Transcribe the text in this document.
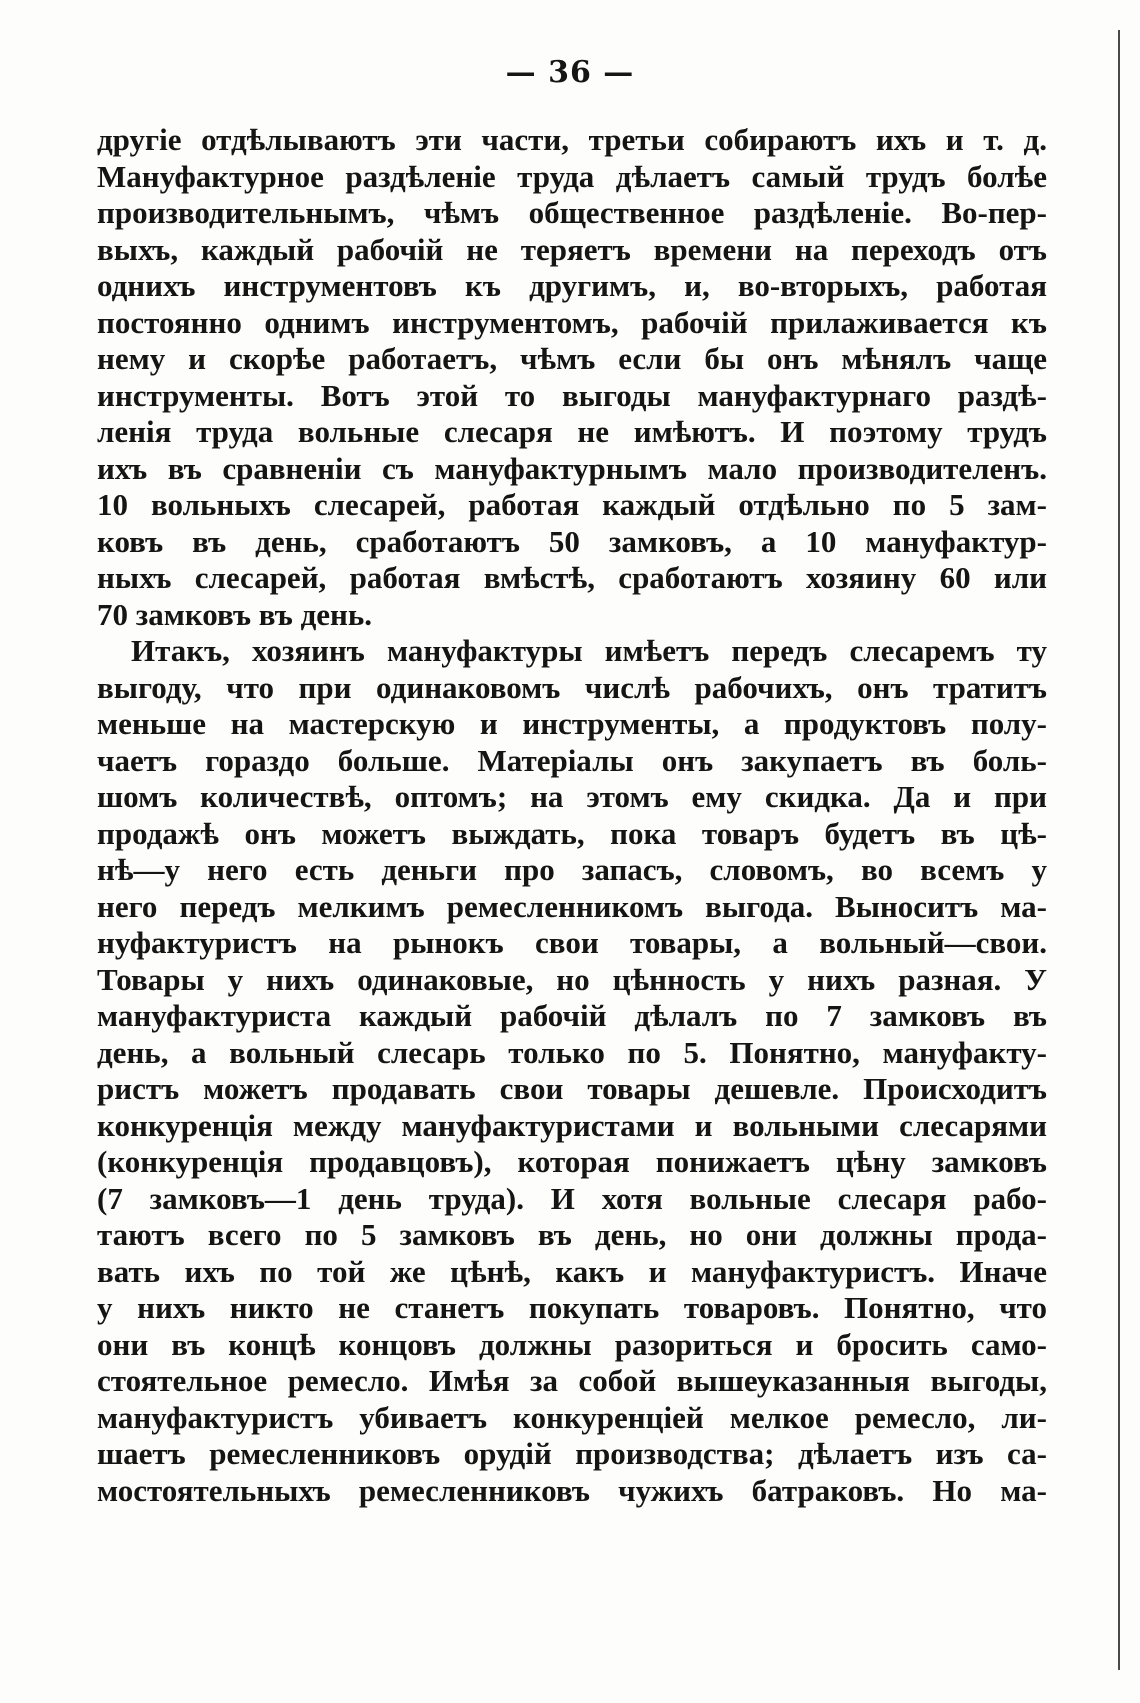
— 36 —
другіе отдѣлываютъ эти части, третьи собираютъ ихъ и т. д.
Мануфактурное раздѣленіе труда дѣлаетъ самый трудъ болѣе
производительнымъ, чѣмъ общественное раздѣленіе. Во-пер-
выхъ, каждый рабочій не теряетъ времени на переходъ отъ
однихъ инструментовъ къ другимъ, и, во-вторыхъ, работая
постоянно однимъ инструментомъ, рабочій прилаживается къ
нему и скорѣе работаетъ, чѣмъ если бы онъ мѣнялъ чаще
инструменты. Вотъ этой то выгоды мануфактурнаго раздѣ-
ленія труда вольные слесаря не имѣютъ. И поэтому трудъ
ихъ въ сравненіи съ мануфактурнымъ мало производителенъ.
10 вольныхъ слесарей, работая каждый отдѣльно по 5 зам-
ковъ въ день, сработаютъ 50 замковъ, а 10 мануфактур-
ныхъ слесарей, работая вмѣстѣ, сработаютъ хозяину 60 или
70 замковъ въ день.
Итакъ, хозяинъ мануфактуры имѣетъ передъ слесаремъ ту
выгоду, что при одинаковомъ числѣ рабочихъ, онъ тратитъ
меньше на мастерскую и инструменты, а продуктовъ полу-
чаетъ гораздо больше. Матеріалы онъ закупаетъ въ боль-
шомъ количествѣ, оптомъ; на этомъ ему скидка. Да и при
продажѣ онъ можетъ выждать, пока товаръ будетъ въ цѣ-
нѣ—у него есть деньги про запасъ, словомъ, во всемъ у
него передъ мелкимъ ремесленникомъ выгода. Выноситъ ма-
нуфактуристъ на рынокъ свои товары, а вольный—свои.
Товары у нихъ одинаковые, но цѣнность у нихъ разная. У
мануфактуриста каждый рабочій дѣлалъ по 7 замковъ въ
день, а вольный слесарь только по 5. Понятно, мануфакту-
ристъ можетъ продавать свои товары дешевле. Происходитъ
конкуренція между мануфактуристами и вольными слесарями
(конкуренція продавцовъ), которая понижаетъ цѣну замковъ
(7 замковъ—1 день труда). И хотя вольные слесаря рабо-
таютъ всего по 5 замковъ въ день, но они должны прода-
вать ихъ по той же цѣнѣ, какъ и мануфактуристъ. Иначе
у нихъ никто не станетъ покупать товаровъ. Понятно, что
они въ концѣ концовъ должны разориться и бросить само-
стоятельное ремесло. Имѣя за собой вышеуказанныя выгоды,
мануфактуристъ убиваетъ конкуренціей мелкое ремесло, ли-
шаетъ ремесленниковъ орудій производства; дѣлаетъ изъ са-
мостоятельныхъ ремесленниковъ чужихъ батраковъ. Но ма-
